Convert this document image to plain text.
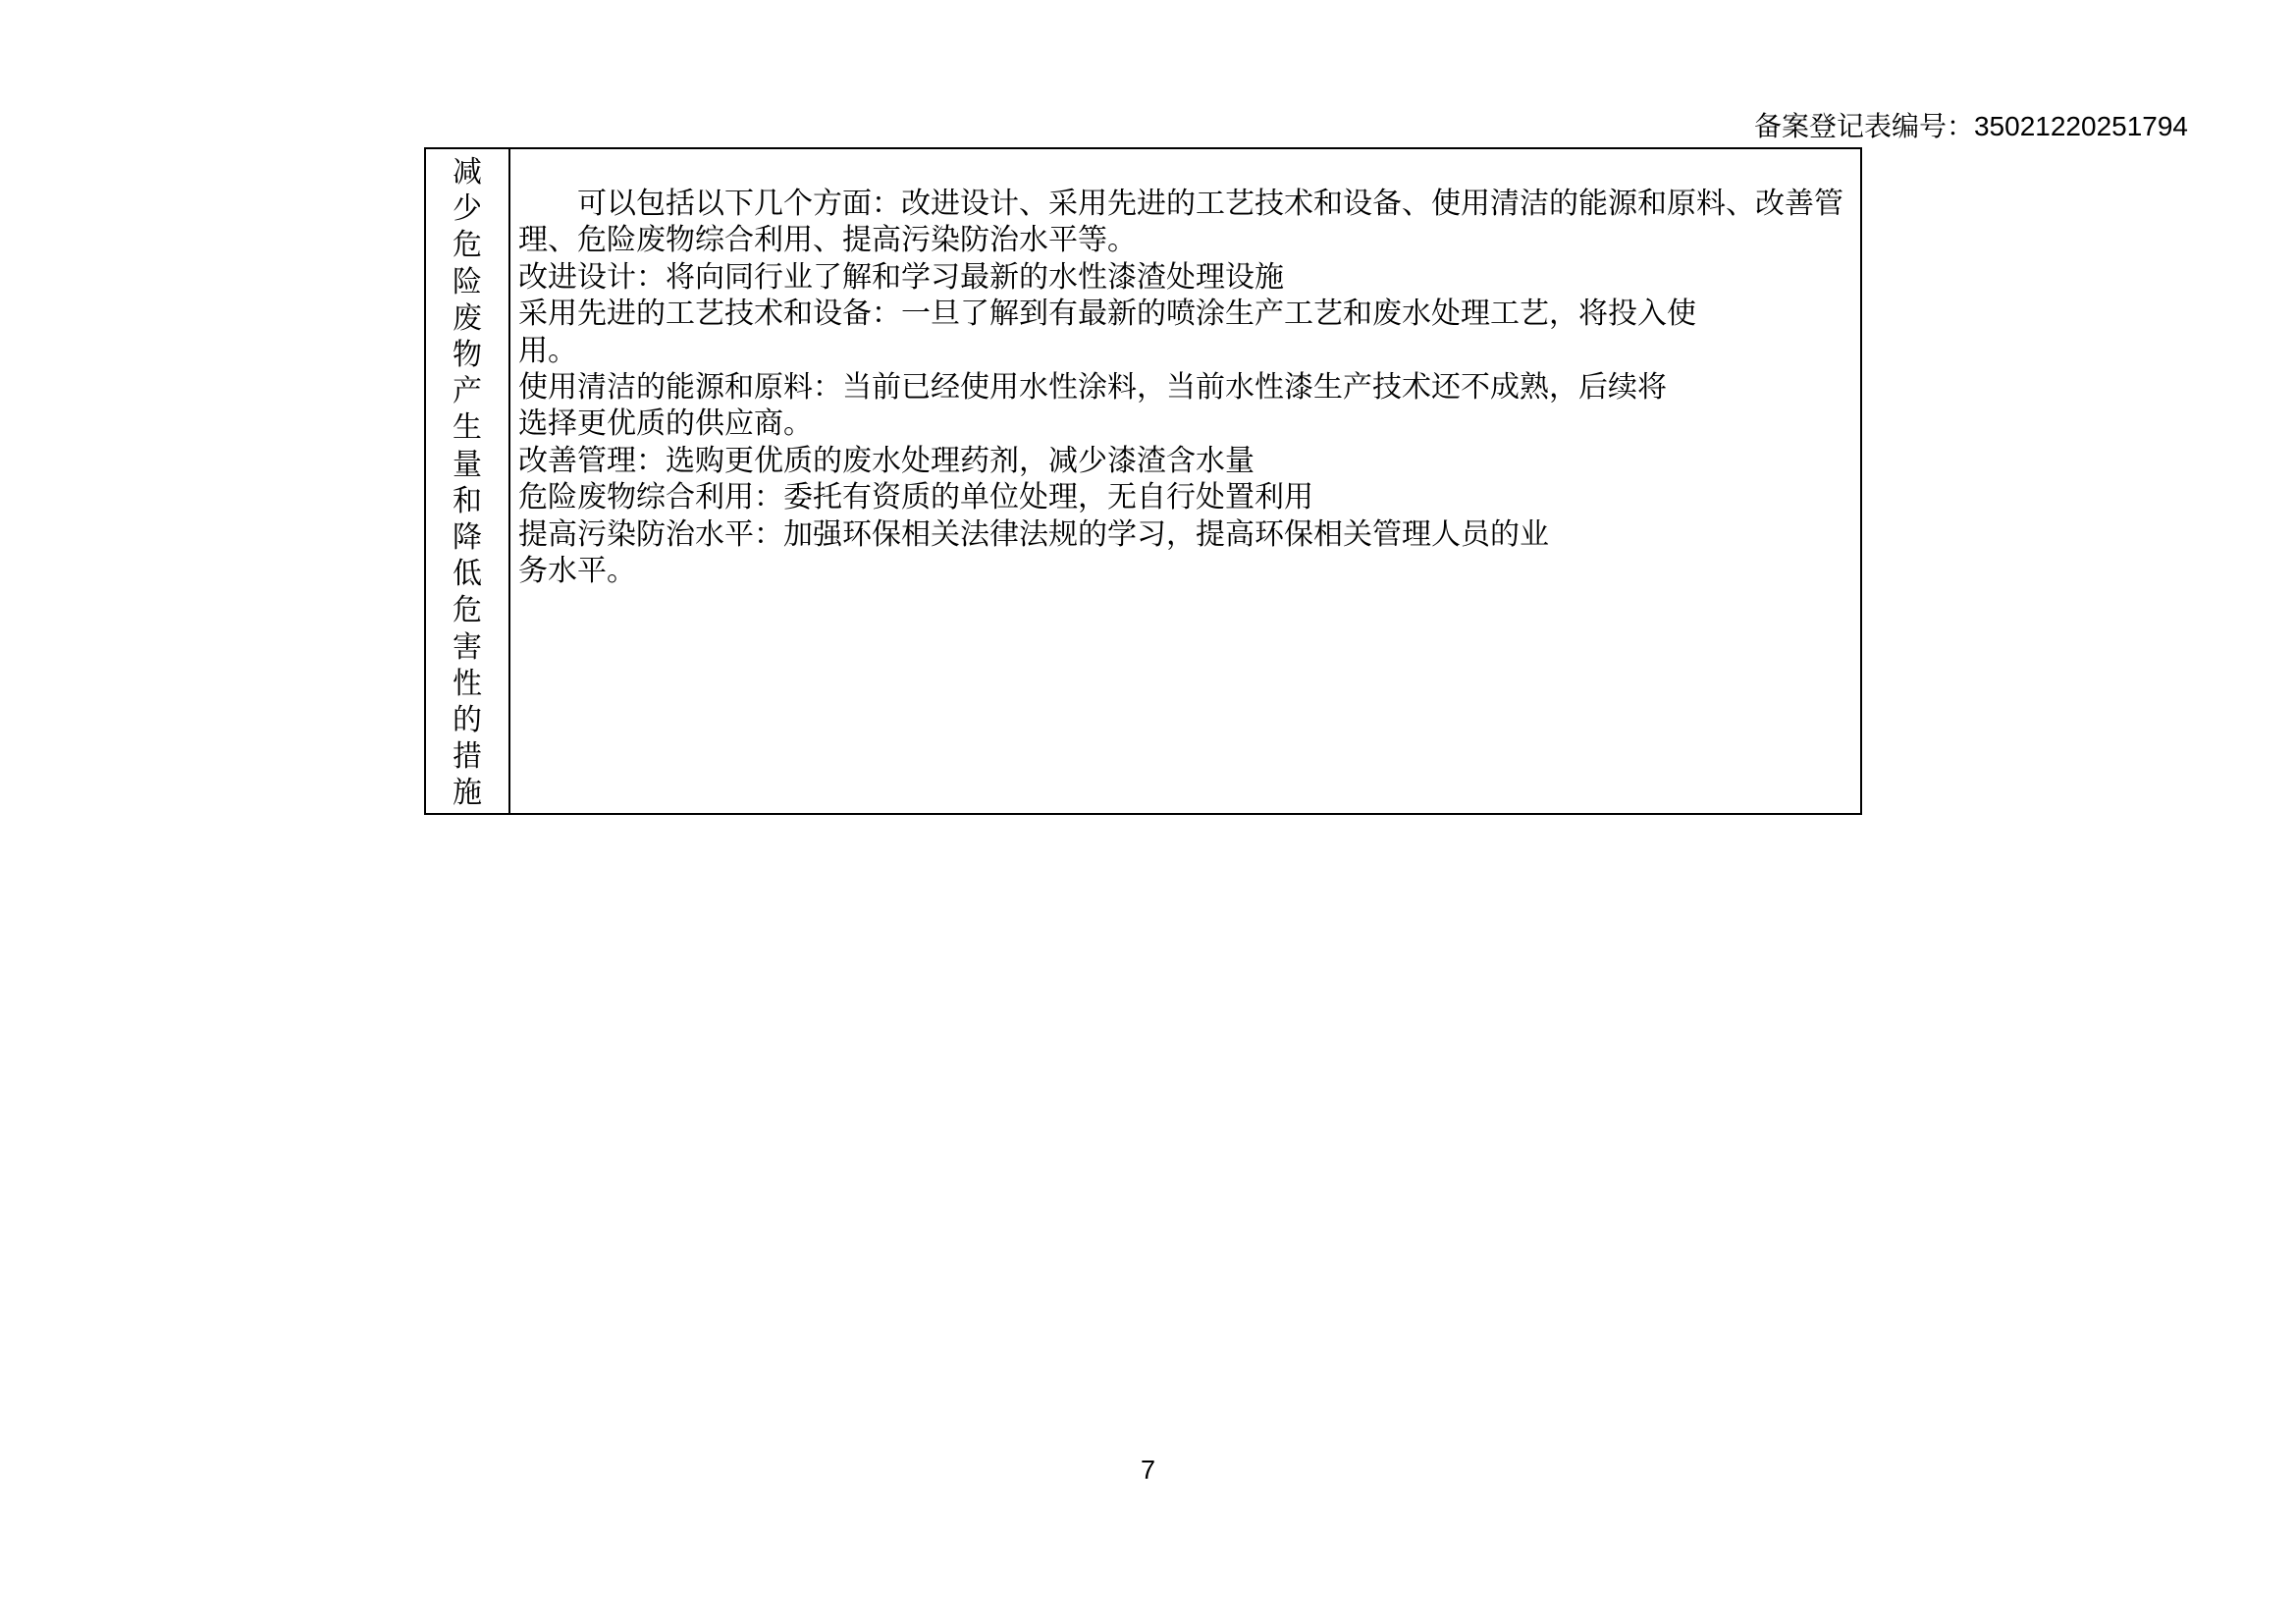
备案登记表编号：35021220251794
减少危险废物产生量和降低危害性的措施
可以包括以下几个方面：改进设计、采用先进的工艺技术和设备、使用清洁的能源和原料、改善管
理、危险废物综合利用、提高污染防治水平等。
改进设计：将向同行业了解和学习最新的水性漆渣处理设施
采用先进的工艺技术和设备：一旦了解到有最新的喷涂生产工艺和废水处理工艺，将投入使
用。
使用清洁的能源和原料：当前已经使用水性涂料，当前水性漆生产技术还不成熟，后续将
选择更优质的供应商。
改善管理：选购更优质的废水处理药剂，减少漆渣含水量
危险废物综合利用：委托有资质的单位处理，无自行处置利用
提高污染防治水平：加强环保相关法律法规的学习，提高环保相关管理人员的业
务水平。
7
